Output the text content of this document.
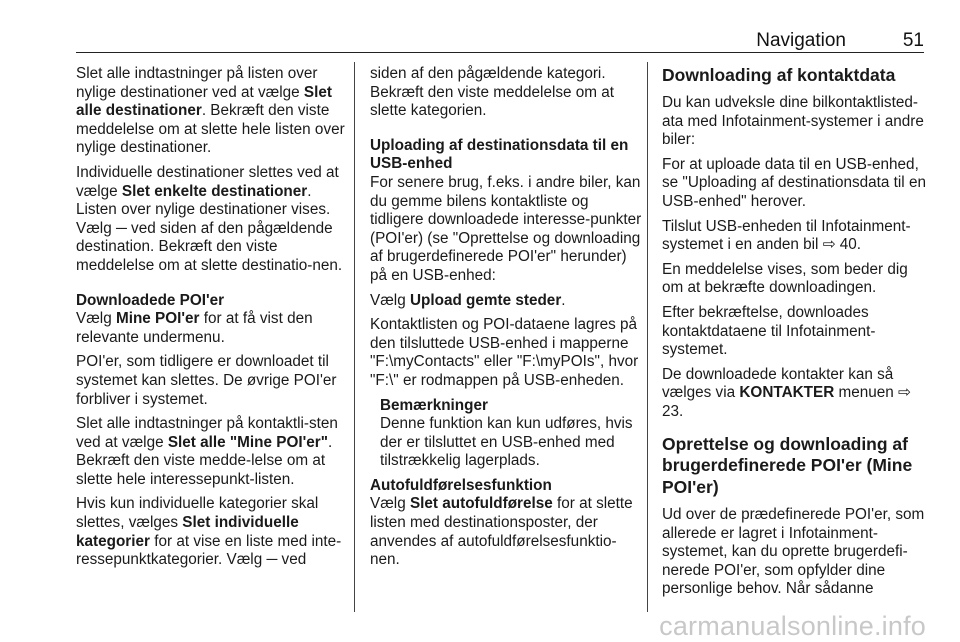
Navigation	51

Slet alle indtastninger på listen over nylige destinationer ved at vælge Slet alle destinationer. Bekræft den viste meddelelse om at slette hele listen over nylige destinationer.

Individuelle destinationer slettes ved at vælge Slet enkelte destinationer. Listen over nylige destinationer vises. Vælg ─ ved siden af den pågældende destination. Bekræft den viste meddelelse om at slette destinatio‐nen.

Downloadede POI'er

Vælg Mine POI'er for at få vist den relevante undermenu.

POI'er, som tidligere er downloadet til systemet kan slettes. De øvrige POI'er forbliver i systemet.

Slet alle indtastninger på kontaktli‐sten ved at vælge Slet alle "Mine POI'er". Bekræft den viste medde‐lelse om at slette hele interessepunkt‐listen.

Hvis kun individuelle kategorier skal slettes, vælges Slet individuelle kategorier for at vise en liste med inte‐ressepunktkategorier. Vælg ─ ved

siden af den pågældende kategori. Bekræft den viste meddelelse om at slette kategorien.

Uploading af destinationsdata til en USB-enhed

For senere brug, f.eks. i andre biler, kan du gemme bilens kontaktliste og tidligere downloadede interesse‐punkter (POI'er) (se "Oprettelse og downloading af brugerdefinerede POI'er" herunder) på en USB-enhed:

Vælg Upload gemte steder.

Kontaktlisten og POI-dataene lagres på den tilsluttede USB-enhed i mapperne "F:\myContacts" eller "F:\myPOIs", hvor "F:\" er rodmappen på USB-enheden.

Bemærkninger

Denne funktion kan kun udføres, hvis der er tilsluttet en USB-enhed med tilstrækkelig lagerplads.

Autofuldførelsesfunktion

Vælg Slet autofuldførelse for at slette listen med destinationsposter, der anvendes af autofuldførelsesfunktio‐nen.

Downloading af kontaktdata

Du kan udveksle dine bilkontaktlisted‐ata med Infotainment-systemer i andre biler:

For at uploade data til en USB-enhed, se "Uploading af destinationsdata til en USB-enhed" herover.

Tilslut USB-enheden til Infotainment-systemet i en anden bil ⇨ 40.

En meddelelse vises, som beder dig om at bekræfte downloadingen.

Efter bekræftelse, downloades kontaktdataene til Infotainment-systemet.

De downloadede kontakter kan så vælges via KONTAKTER menuen ⇨ 23.

Oprettelse og downloading af brugerdefinerede POI'er (Mine POI'er)

Ud over de prædefinerede POI'er, som allerede er lagret i Infotainment-systemet, kan du oprette brugerdefi‐nerede POI'er, som opfylder dine personlige behov. Når sådanne

carmanualsonline.info
